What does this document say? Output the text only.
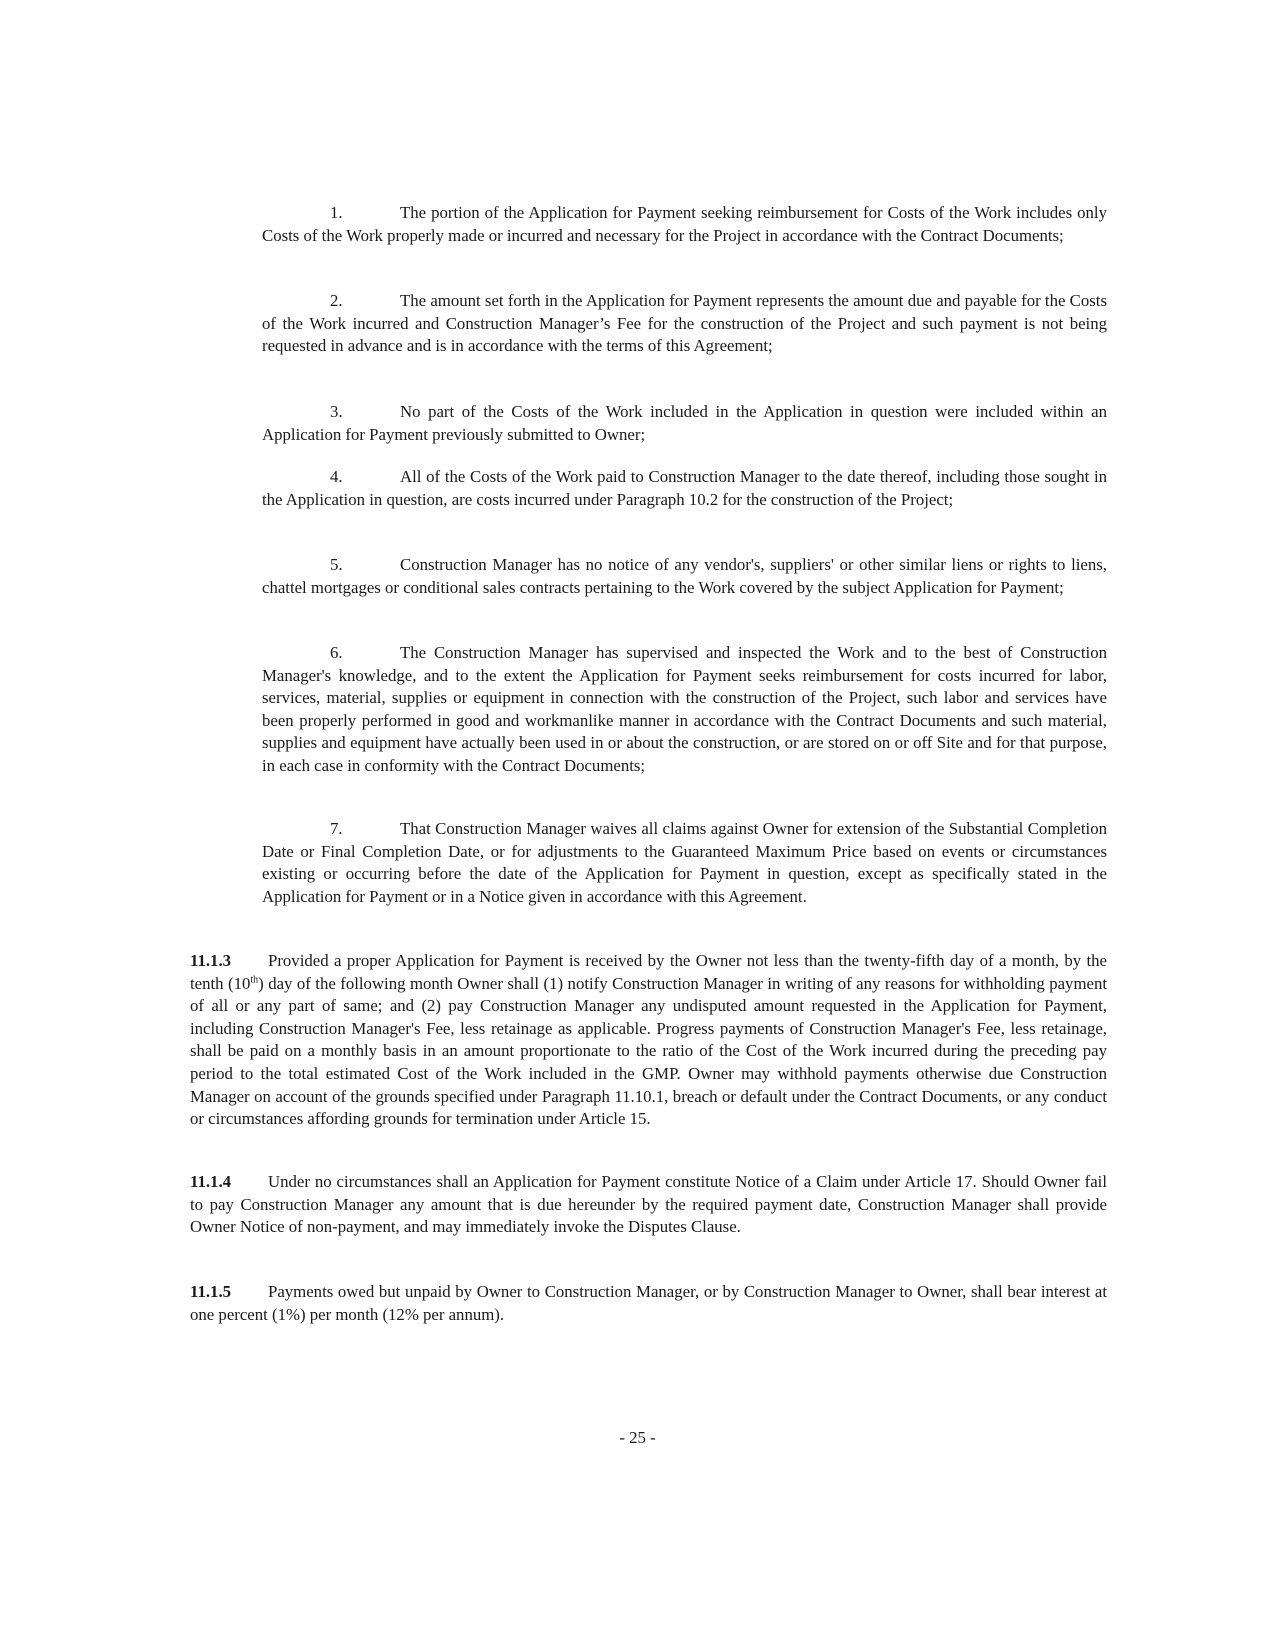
1.	The portion of the Application for Payment seeking reimbursement for Costs of the Work includes only Costs of the Work properly made or incurred and necessary for the Project in accordance with the Contract Documents;
2.	The amount set forth in the Application for Payment represents the amount due and payable for the Costs of the Work incurred and Construction Manager’s Fee for the construction of the Project and such payment is not being requested in advance and is in accordance with the terms of this Agreement;
3.	No part of the Costs of the Work included in the Application in question were included within an Application for Payment previously submitted to Owner;
4.	All of the Costs of the Work paid to Construction Manager to the date thereof, including those sought in the Application in question, are costs incurred under Paragraph 10.2 for the construction of the Project;
5.	Construction Manager has no notice of any vendor's, suppliers' or other similar liens or rights to liens, chattel mortgages or conditional sales contracts pertaining to the Work covered by the subject Application for Payment;
6.	The Construction Manager has supervised and inspected the Work and to the best of Construction Manager's knowledge, and to the extent the Application for Payment seeks reimbursement for costs incurred for labor, services, material, supplies or equipment in connection with the construction of the Project, such labor and services have been properly performed in good and workmanlike manner in accordance with the Contract Documents and such material, supplies and equipment have actually been used in or about the construction, or are stored on or off Site and for that purpose, in each case in conformity with the Contract Documents;
7.	That Construction Manager waives all claims against Owner for extension of the Substantial Completion Date or Final Completion Date, or for adjustments to the Guaranteed Maximum Price based on events or circumstances existing or occurring before the date of the Application for Payment in question, except as specifically stated in the Application for Payment or in a Notice given in accordance with this Agreement.
11.1.3 Provided a proper Application for Payment is received by the Owner not less than the twenty-fifth day of a month, by the tenth (10th) day of the following month Owner shall (1) notify Construction Manager in writing of any reasons for withholding payment of all or any part of same; and (2) pay Construction Manager any undisputed amount requested in the Application for Payment, including Construction Manager's Fee, less retainage as applicable. Progress payments of Construction Manager's Fee, less retainage, shall be paid on a monthly basis in an amount proportionate to the ratio of the Cost of the Work incurred during the preceding pay period to the total estimated Cost of the Work included in the GMP. Owner may withhold payments otherwise due Construction Manager on account of the grounds specified under Paragraph 11.10.1, breach or default under the Contract Documents, or any conduct or circumstances affording grounds for termination under Article 15.
11.1.4 Under no circumstances shall an Application for Payment constitute Notice of a Claim under Article 17. Should Owner fail to pay Construction Manager any amount that is due hereunder by the required payment date, Construction Manager shall provide Owner Notice of non-payment, and may immediately invoke the Disputes Clause.
11.1.5 Payments owed but unpaid by Owner to Construction Manager, or by Construction Manager to Owner, shall bear interest at one percent (1%) per month (12% per annum).
- 25 -
